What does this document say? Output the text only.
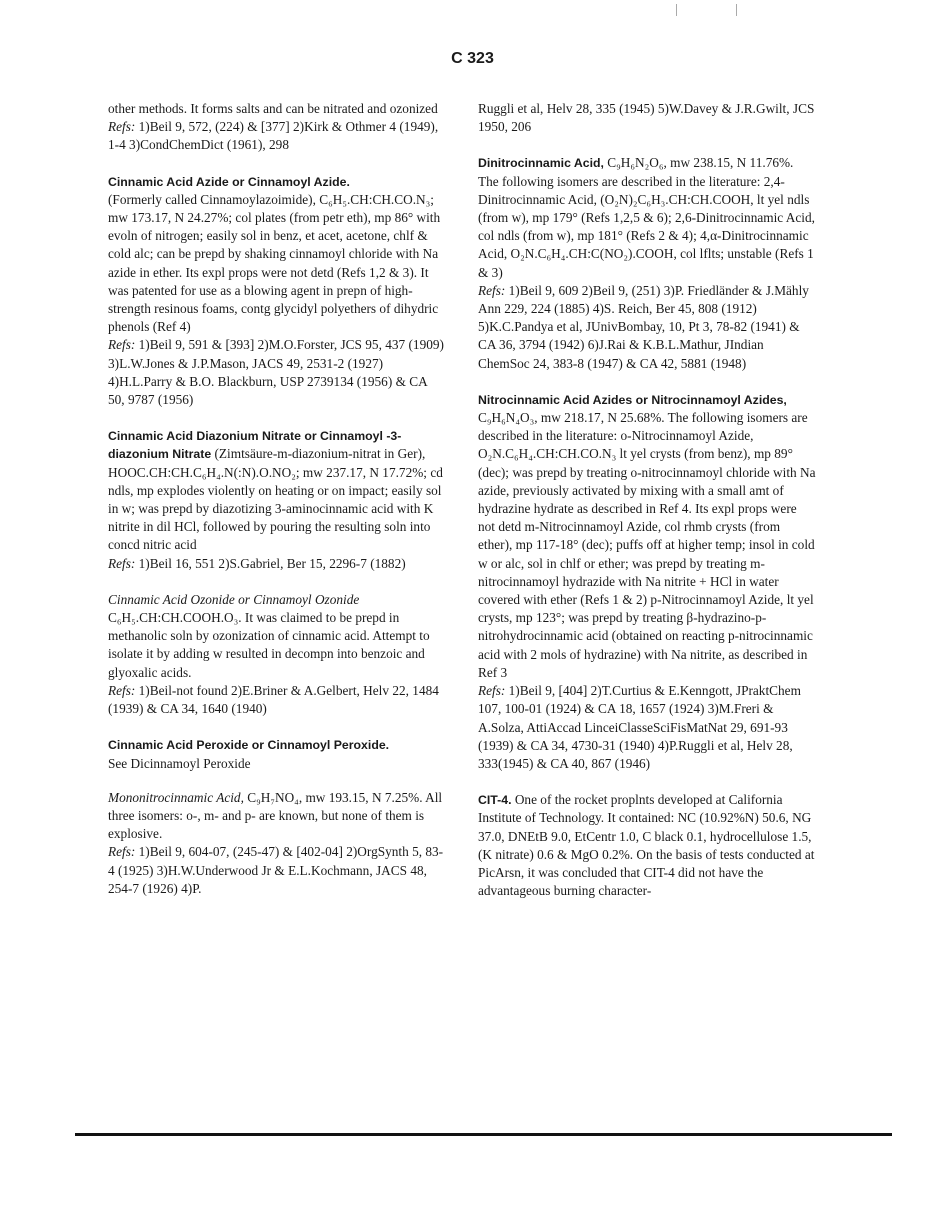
C 323

other methods. It forms salts and can be nitrated and ozonized
Refs: 1)Beil 9, 572, (224) & [377] 2)Kirk & Othmer 4 (1949), 1-4 3)CondChemDict (1961), 298

Cinnamic Acid Azide or Cinnamoyl Azide.
(Formerly called Cinnamoylazoimide), C₆H₅.CH:CH.CO.N₃; mw 173.17, N 24.27%; col plates (from petr eth), mp 86° with evoln of nitrogen; easily sol in benz, et acet, acetone, chlf & cold alc; can be prepd by shaking cinnamoyl chloride with Na azide in ether. Its expl props were not detd (Refs 1,2 & 3). It was patented for use as a blowing agent in prepn of high-strength resinous foams, contg glycidyl polyethers of dihydric phenols (Ref 4)
Refs: 1)Beil 9, 591 & [393] 2)M.O.Forster, JCS 95, 437 (1909) 3)L.W.Jones & J.P.Mason, JACS 49, 2531-2 (1927) 4)H.L.Parry & B.O. Blackburn, USP 2739134 (1956) & CA 50, 9787 (1956)

Cinnamic Acid Diazonium Nitrate or Cinnamoyl -3-diazonium Nitrate (Zimtsäure-m-diazonium-nitrat in Ger), HOOC.CH:CH.C₆H₄.N(:N).O.NO₂; mw 237.17, N 17.72%; cd ndls, mp explodes violently on heating or on impact; easily sol in w; was prepd by diazotizing 3-aminocinnamic acid with K nitrite in dil HCl, followed by pouring the resulting soln into concd nitric acid
Refs: 1)Beil 16, 551 2)S.Gabriel, Ber 15, 2296-7 (1882)

Cinnamic Acid Ozonide or Cinnamoyl Ozonide
C₆H₅.CH:CH.COOH.O₃. It was claimed to be prepd in methanolic soln by ozonization of cinnamic acid. Attempt to isolate it by adding w resulted in decompn into benzoic and glyoxalic acids.
Refs: 1)Beil-not found 2)E.Briner & A.Gelbert, Helv 22, 1484 (1939) & CA 34, 1640 (1940)

Cinnamic Acid Peroxide or Cinnamoyl Peroxide.
See Dicinnamoyl Peroxide

Mononitrocinnamic Acid, C₉H₇NO₄, mw 193.15, N 7.25%. All three isomers: o-, m- and p- are known, but none of them is explosive.
Refs: 1)Beil 9, 604-07, (245-47) & [402-04] 2)OrgSynth 5, 83-4 (1925) 3)H.W.Underwood Jr & E.L.Kochmann, JACS 48, 254-7 (1926) 4)P.

Ruggli et al, Helv 28, 335 (1945) 5)W.Davey & J.R.Gwilt, JCS 1950, 206

Dinitrocinnamic Acid, C₉H₆N₂O₆, mw 238.15, N 11.76%. The following isomers are described in the literature: 2,4-Dinitrocinnamic Acid, (O₂N)₂C₆H₃.CH:CH.COOH, lt yel ndls (from w), mp 179° (Refs 1,2,5 & 6); 2,6-Dinitrocinnamic Acid, col ndls (from w), mp 181° (Refs 2 & 4); 4,α-Dinitrocinnamic Acid, O₂N.C₆H₄.CH:C(NO₂).COOH, col lflts; unstable (Refs 1 & 3)
Refs: 1)Beil 9, 609 2)Beil 9, (251) 3)P. Friedländer & J.Mähly Ann 229, 224 (1885) 4)S. Reich, Ber 45, 808 (1912) 5)K.C.Pandya et al, JUnivBombay, 10, Pt 3, 78-82 (1941) & CA 36, 3794 (1942) 6)J.Rai & K.B.L.Mathur, JIndian ChemSoc 24, 383-8 (1947) & CA 42, 5881 (1948)

Nitrocinnamic Acid Azides or Nitrocinnamoyl Azides, C₉H₆N₄O₃, mw 218.17, N 25.68%. The following isomers are described in the literature: o-Nitrocinnamoyl Azide, O₂N.C₆H₄.CH:CH.CO.N₃ lt yel crysts (from benz), mp 89° (dec); was prepd by treating o-nitrocinnamoyl chloride with Na azide, previously activated by mixing with a small amt of hydrazine hydrate as described in Ref 4. Its expl props were not detd m-Nitrocinnamoyl Azide, col rhmb crysts (from ether), mp 117-18° (dec); puffs off at higher temp; insol in cold w or alc, sol in chlf or ether; was prepd by treating m-nitrocinnamoyl hydrazide with Na nitrite + HCl in water covered with ether (Refs 1 & 2) p-Nitrocinnamoyl Azide, lt yel crysts, mp 123°; was prepd by treating β-hydrazino-p-nitrohydrocinnamic acid (obtained on reacting p-nitrocinnamic acid with 2 mols of hydrazine) with Na nitrite, as described in Ref 3
Refs: 1)Beil 9, [404] 2)T.Curtius & E.Kenngott, JPraktChem 107, 100-01 (1924) & CA 18, 1657 (1924) 3)M.Freri & A.Solza, AttiAccad LinceiClasseSciFisMatNat 29, 691-93 (1939) & CA 34, 4730-31 (1940) 4)P.Ruggli et al, Helv 28, 333(1945) & CA 40, 867 (1946)

CIT-4. One of the rocket proplnts developed at California Institute of Technology. It contained: NC (10.92%N) 50.6, NG 37.0, DNEtB 9.0, EtCentr 1.0, C black 0.1, hydrocellulose 1.5, (K nitrate) 0.6 & MgO 0.2%. On the basis of tests conducted at PicArsn, it was concluded that CIT-4 did not have the advantageous burning character-
